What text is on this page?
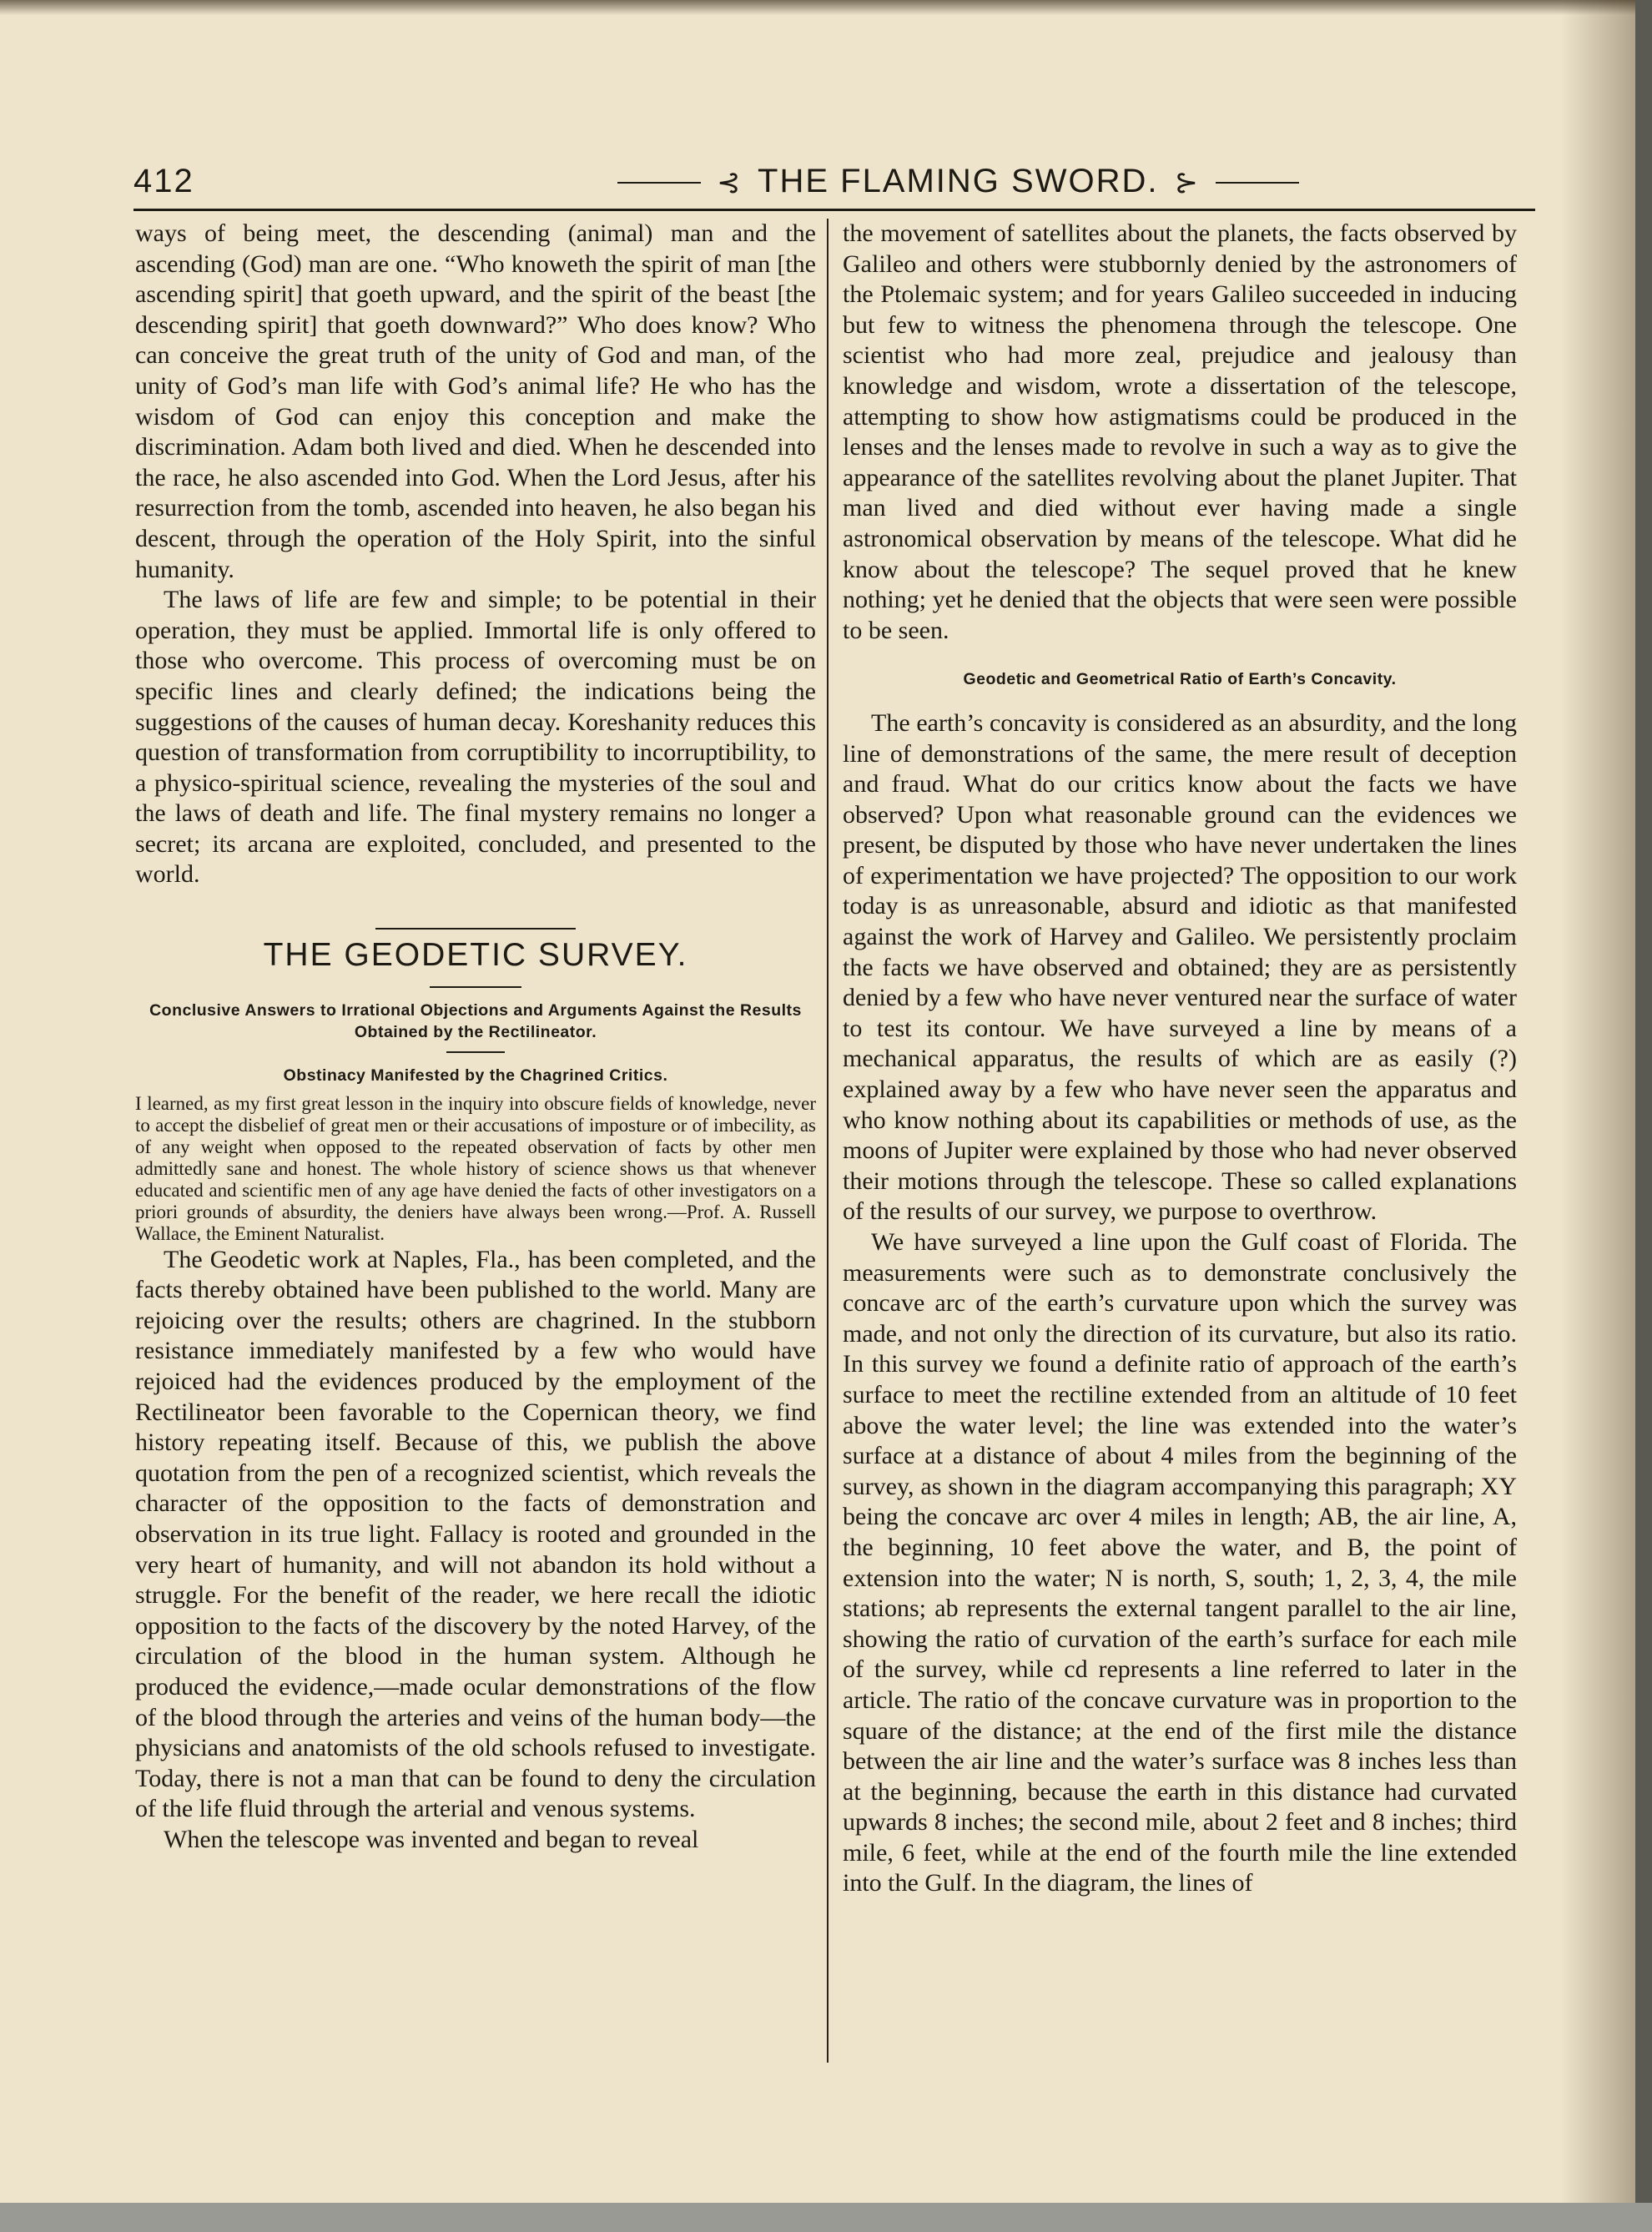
412	⊰ THE FLAMING SWORD. ⊱

ways of being meet, the descending (animal) man and the ascending (God) man are one. “Who knoweth the spirit of man [the ascending spirit] that goeth upward, and the spirit of the beast [the descending spirit] that goeth downward?” Who does know? Who can conceive the great truth of the unity of God and man, of the unity of God’s man life with God’s animal life? He who has the wisdom of God can enjoy this conception and make the discrimination. Adam both lived and died. When he descended into the race, he also ascended into God. When the Lord Jesus, after his resurrection from the tomb, ascended into heaven, he also began his descent, through the operation of the Holy Spirit, into the sinful humanity.

The laws of life are few and simple; to be potential in their operation, they must be applied. Immortal life is only offered to those who overcome. This process of overcoming must be on specific lines and clearly defined; the indications being the suggestions of the causes of human decay. Koreshanity reduces this question of transformation from corruptibility to incorruptibility, to a physico-spiritual science, revealing the mysteries of the soul and the laws of death and life. The final mystery remains no longer a secret; its arcana are exploited, concluded, and presented to the world.

THE GEODETIC SURVEY.
Conclusive Answers to Irrational Objections and Arguments Against the Results Obtained by the Rectilineator.
Obstinacy Manifested by the Chagrined Critics.

I learned, as my first great lesson in the inquiry into obscure fields of knowledge, never to accept the disbelief of great men or their accusations of imposture or of imbecility, as of any weight when opposed to the repeated observation of facts by other men admittedly sane and honest. The whole history of science shows us that whenever educated and scientific men of any age have denied the facts of other investigators on a priori grounds of absurdity, the deniers have always been wrong.—Prof. A. Russell Wallace, the Eminent Naturalist.

The Geodetic work at Naples, Fla., has been completed, and the facts thereby obtained have been published to the world. Many are rejoicing over the results; others are chagrined. In the stubborn resistance immediately manifested by a few who would have rejoiced had the evidences produced by the employment of the Rectilineator been favorable to the Copernican theory, we find history repeating itself. Because of this, we publish the above quotation from the pen of a recognized scientist, which reveals the character of the opposition to the facts of demonstration and observation in its true light. Fallacy is rooted and grounded in the very heart of humanity, and will not abandon its hold without a struggle. For the benefit of the reader, we here recall the idiotic opposition to the facts of the discovery by the noted Harvey, of the circulation of the blood in the human system. Although he produced the evidence,—made ocular demonstrations of the flow of the blood through the arteries and veins of the human body—the physicians and anatomists of the old schools refused to investigate. Today, there is not a man that can be found to deny the circulation of the life fluid through the arterial and venous systems.

When the telescope was invented and began to reveal

the movement of satellites about the planets, the facts observed by Galileo and others were stubbornly denied by the astronomers of the Ptolemaic system; and for years Galileo succeeded in inducing but few to witness the phenomena through the telescope. One scientist who had more zeal, prejudice and jealousy than knowledge and wisdom, wrote a dissertation of the telescope, attempting to show how astigmatisms could be produced in the lenses and the lenses made to revolve in such a way as to give the appearance of the satellites revolving about the planet Jupiter. That man lived and died without ever having made a single astronomical observation by means of the telescope. What did he know about the telescope? The sequel proved that he knew nothing; yet he denied that the objects that were seen were possible to be seen.

Geodetic and Geometrical Ratio of Earth’s Concavity.

The earth’s concavity is considered as an absurdity, and the long line of demonstrations of the same, the mere result of deception and fraud. What do our critics know about the facts we have observed? Upon what reasonable ground can the evidences we present, be disputed by those who have never undertaken the lines of experimentation we have projected? The opposition to our work today is as unreasonable, absurd and idiotic as that manifested against the work of Harvey and Galileo. We persistently proclaim the facts we have observed and obtained; they are as persistently denied by a few who have never ventured near the surface of water to test its contour. We have surveyed a line by means of a mechanical apparatus, the results of which are as easily (?) explained away by a few who have never seen the apparatus and who know nothing about its capabilities or methods of use, as the moons of Jupiter were explained by those who had never observed their motions through the telescope. These so called explanations of the results of our survey, we purpose to overthrow.

We have surveyed a line upon the Gulf coast of Florida. The measurements were such as to demonstrate conclusively the concave arc of the earth’s curvature upon which the survey was made, and not only the direction of its curvature, but also its ratio. In this survey we found a definite ratio of approach of the earth’s surface to meet the rectiline extended from an altitude of 10 feet above the water level; the line was extended into the water’s surface at a distance of about 4 miles from the beginning of the survey, as shown in the diagram accompanying this paragraph; XY being the concave arc over 4 miles in length; AB, the air line, A, the beginning, 10 feet above the water, and B, the point of extension into the water; N is north, S, south; 1, 2, 3, 4, the mile stations; ab represents the external tangent parallel to the air line, showing the ratio of curvation of the earth’s surface for each mile of the survey, while cd represents a line referred to later in the article. The ratio of the concave curvature was in proportion to the square of the distance; at the end of the first mile the distance between the air line and the water’s surface was 8 inches less than at the beginning, because the earth in this distance had curvated upwards 8 inches; the second mile, about 2 feet and 8 inches; third mile, 6 feet, while at the end of the fourth mile the line extended into the Gulf. In the diagram, the lines of
